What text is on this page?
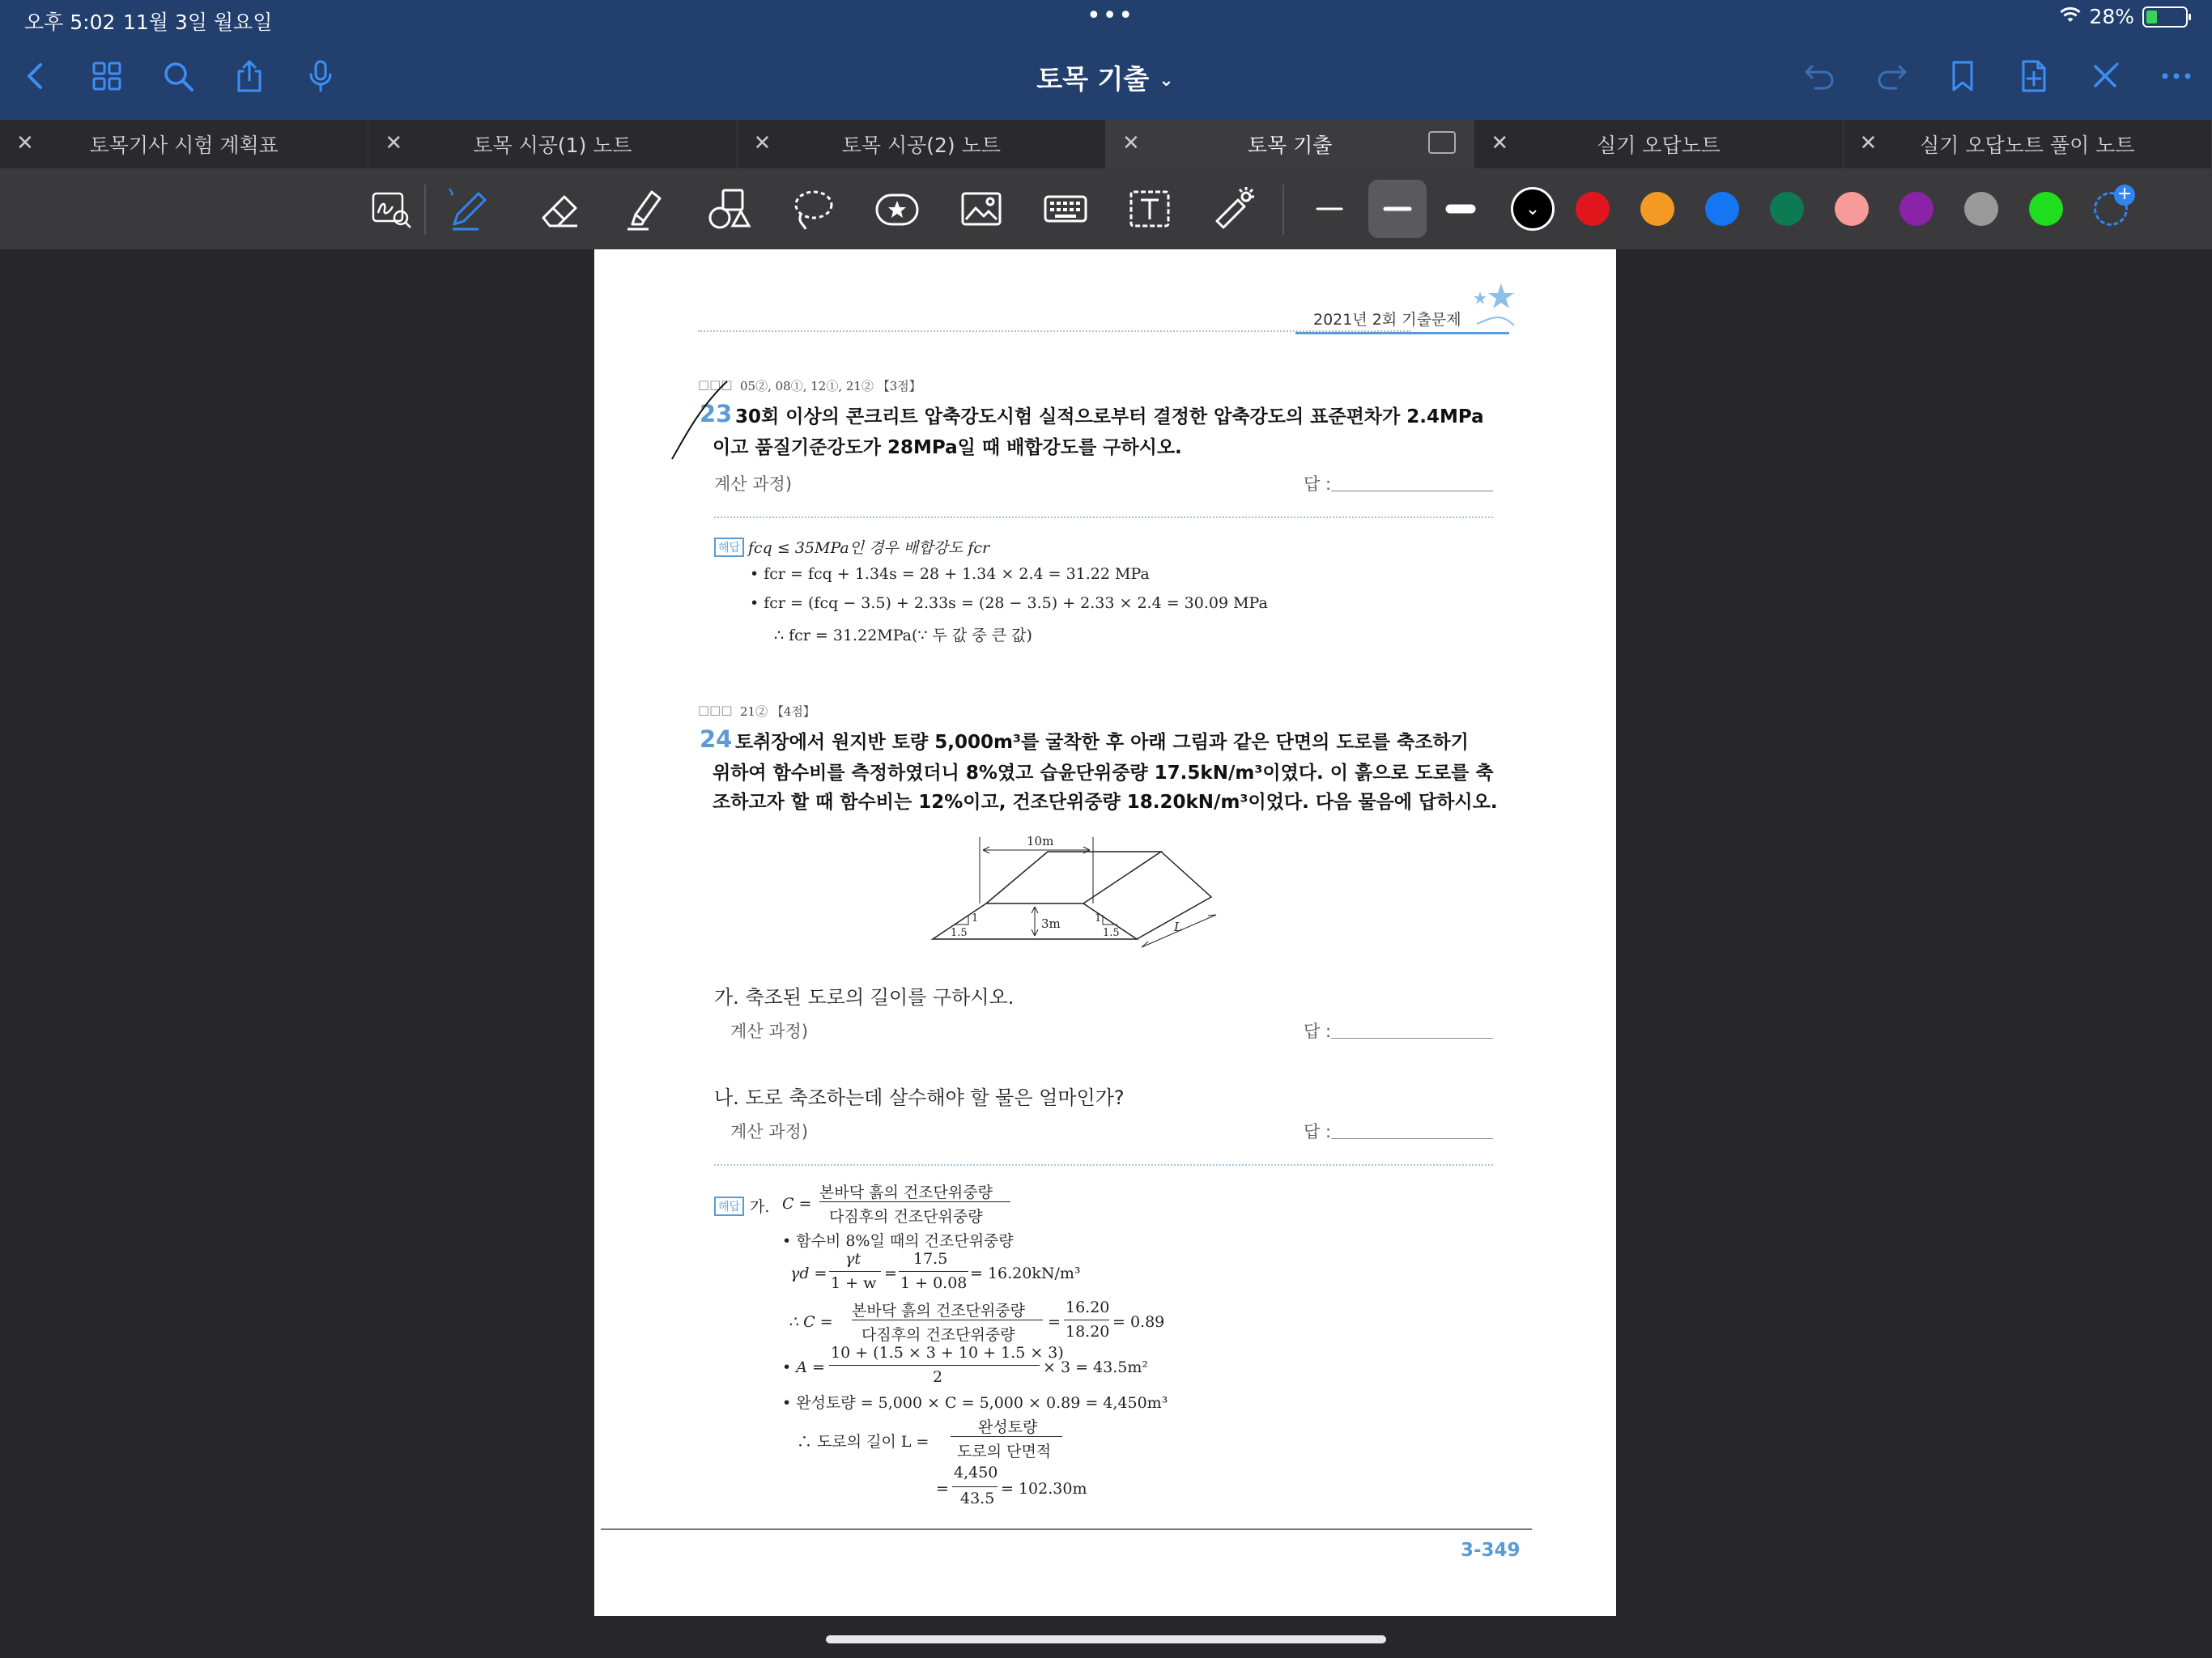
오후 5:02 11월 3일 월요일	•••	28%
토목 기출 ⌄
✕	토목기사 시험 계획표	✕	토목 시공(1) 노트	✕	토목 시공(2) 노트	✕	토목 기출	✕	실기 오답노트	✕ 실기 오답노트 풀이 노트
⌄
+
2021년 2회 기출문제
□□□ 05②, 08①, 12①, 21② 【3점】
23 30회 이상의 콘크리트 압축강도시험 실적으로부터 결정한 압축강도의 표준편차가 2.4MPa
이고 품질기준강도가 28MPa일 때 배합강도를 구하시오.
계산 과정)	답 :
해답 fcq ≤ 35MPa인 경우 배합강도 fcr
• fcr = fcq + 1.34s = 28 + 1.34 × 2.4 = 31.22 MPa
• fcr = (fcq − 3.5) + 2.33s = (28 − 3.5) + 2.33 × 2.4 = 30.09 MPa
∴ fcr = 31.22MPa(∵ 두 값 중 큰 값)
□□□ 21② 【4점】
24 토취장에서 원지반 토량 5,000m³를 굴착한 후 아래 그림과 같은 단면의 도로를 축조하기
위하여 함수비를 측정하였더니 8%였고 습윤단위중량 17.5kN/m³이였다. 이 흙으로 도로를 축
조하고자 할 때 함수비는 12%이고, 건조단위중량 18.20kN/m³이었다. 다음 물음에 답하시오.
10m
3m
1	1
1.5	1.5	L
가. 축조된 도로의 길이를 구하시오.
계산 과정)	답 :
나. 도로 축조하는데 살수해야 할 물은 얼마인가?
계산 과정)	답 :
해답 가. C =
본바닥 흙의 건조단위중량
다짐후의 건조단위중량
• 함수비 8%일 때의 건조단위중량
γd =
γt
1 + w
=
17.5
1 + 0.08
= 16.20kN/m³
∴ C =
본바닥 흙의 건조단위중량
다짐후의 건조단위중량
=
16.20
18.20
= 0.89
• A =
10 + (1.5 × 3 + 10 + 1.5 × 3)
2
× 3 = 43.5m²
• 완성토량 = 5,000 × C = 5,000 × 0.89 = 4,450m³
∴ 도로의 길이 L =
완성토량
도로의 단면적
=
4,450
43.5
= 102.30m
3-349
